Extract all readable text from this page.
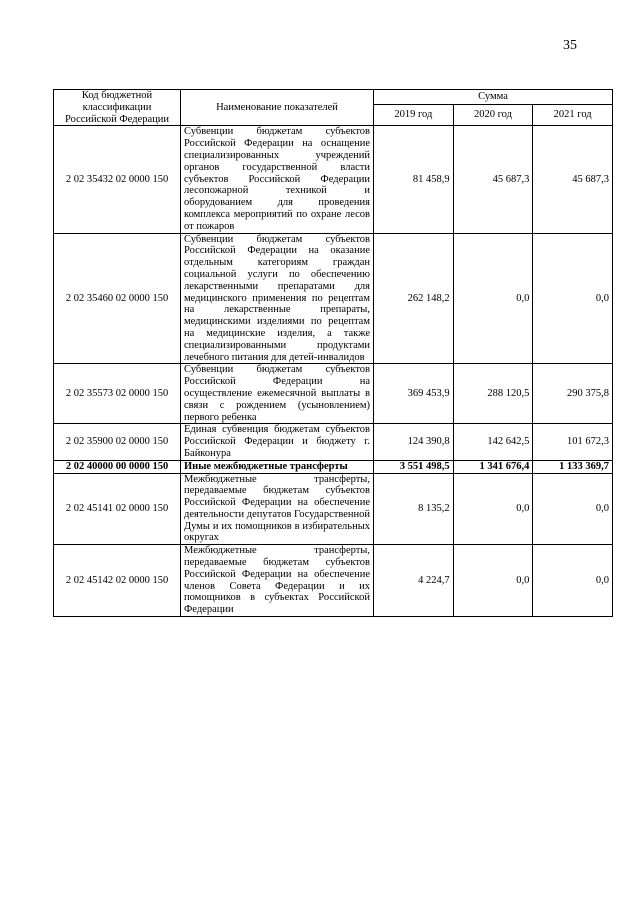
35
Код бюджетной классификации Российской Федерации	Наименование показателей	Сумма		
		2019 год	2020 год	2021 год
2 02 35432 02 0000 150	Субвенции бюджетам субъектов Российской Федерации на оснащение специализированных учреждений органов государственной власти субъектов Российской Федерации лесопожарной техникой и оборудованием для проведения комплекса мероприятий по охране лесов от пожаров	81 458,9	45 687,3	45 687,3
2 02 35460 02 0000 150	Субвенции бюджетам субъектов Российской Федерации на оказание отдельным категориям граждан социальной услуги по обеспечению лекарственными препаратами для медицинского применения по рецептам на лекарственные препараты, медицинскими изделиями по рецептам на медицинские изделия, а также специализированными продуктами лечебного питания для детей-инвалидов	262 148,2	0,0	0,0
2 02 35573 02 0000 150	Субвенции бюджетам субъектов Российской Федерации на осуществление ежемесячной выплаты в связи с рождением (усыновлением) первого ребенка	369 453,9	288 120,5	290 375,8
2 02 35900 02 0000 150	Единая субвенция бюджетам субъектов Российской Федерации и бюджету г. Байконура	124 390,8	142 642,5	101 672,3
2 02 40000 00 0000 150	Иные межбюджетные трансферты	3 551 498,5	1 341 676,4	1 133 369,7
2 02 45141 02 0000 150	Межбюджетные трансферты, передаваемые бюджетам субъектов Российской Федерации на обеспечение деятельности депутатов Государственной Думы и их помощников в избирательных округах	8 135,2	0,0	0,0
2 02 45142 02 0000 150	Межбюджетные трансферты, передаваемые бюджетам субъектов Российской Федерации на обеспечение членов Совета Федерации и их помощников в субъектах Российской Федерации	4 224,7	0,0	0,0
